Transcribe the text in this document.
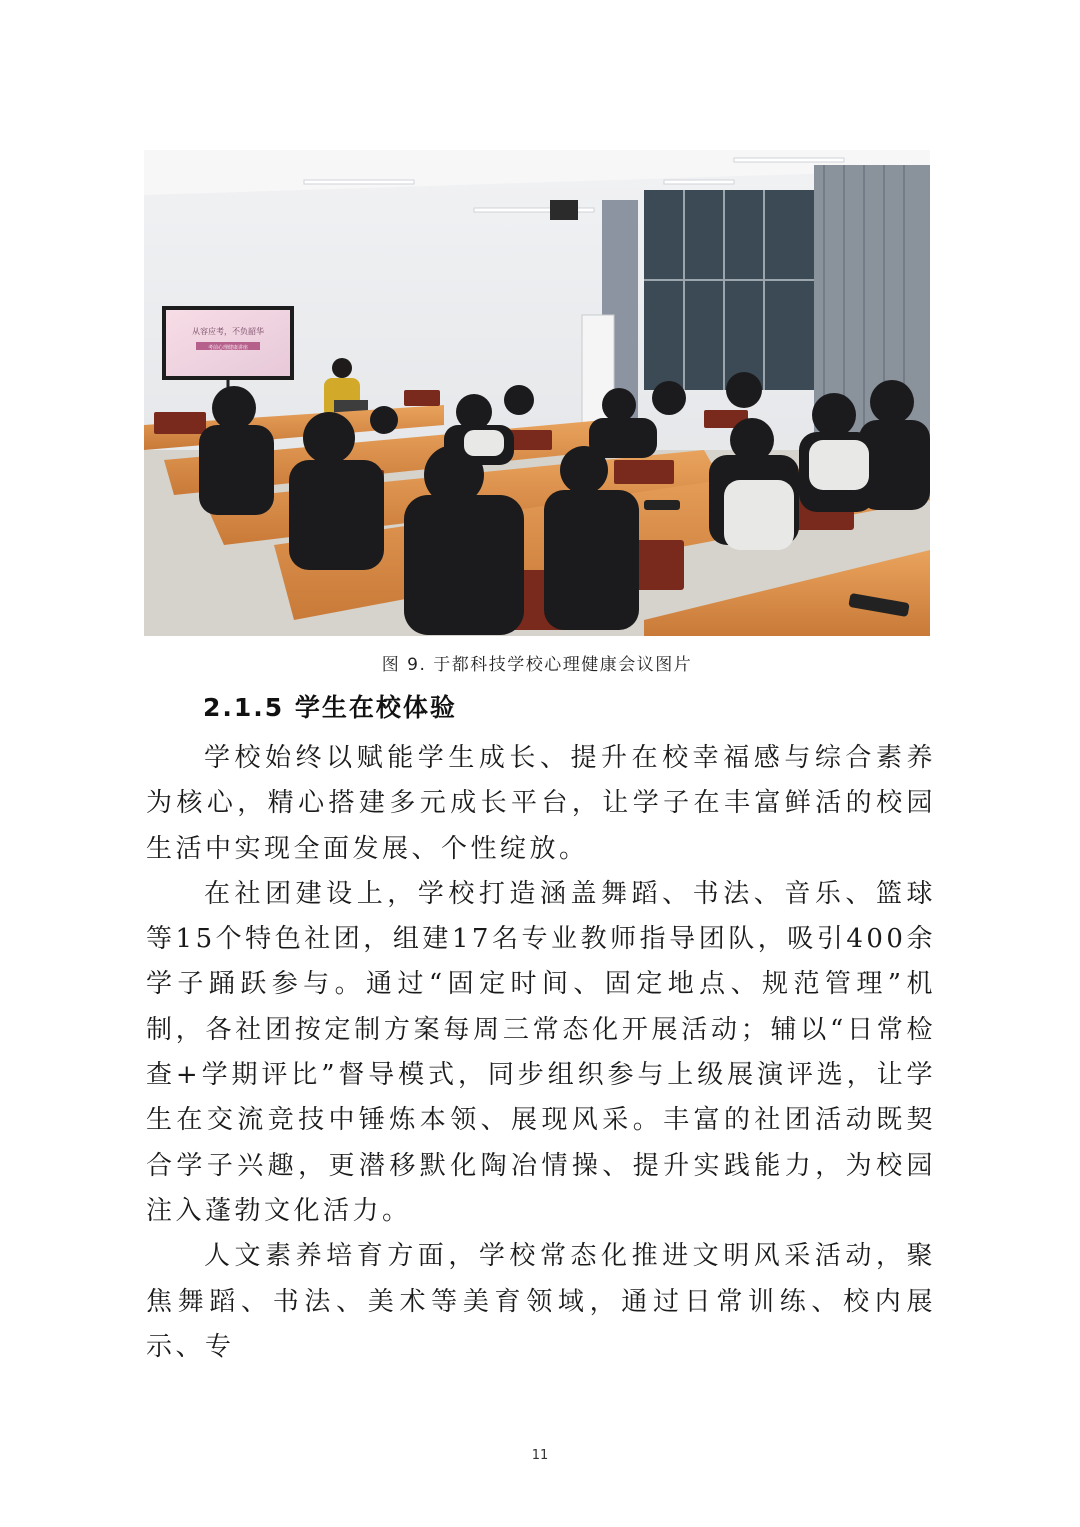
从容应考，不负韶华
考前心理健康讲座
图 9. 于都科技学校心理健康会议图片
2.1.5 学生在校体验

学校始终以赋能学生成长、提升在校幸福感与综合素养为核心，精心搭建多元成长平台，让学子在丰富鲜活的校园生活中实现全面发展、个性绽放。

在社团建设上，学校打造涵盖舞蹈、书法、音乐、篮球等15个特色社团，组建17名专业教师指导团队，吸引400余学子踊跃参与。通过“固定时间、固定地点、规范管理”机制，各社团按定制方案每周三常态化开展活动；辅以“日常检查+学期评比”督导模式，同步组织参与上级展演评选，让学生在交流竞技中锤炼本领、展现风采。丰富的社团活动既契合学子兴趣，更潜移默化陶冶情操、提升实践能力，为校园注入蓬勃文化活力。

人文素养培育方面，学校常态化推进文明风采活动，聚焦舞蹈、书法、美术等美育领域，通过日常训练、校内展示、专

11
